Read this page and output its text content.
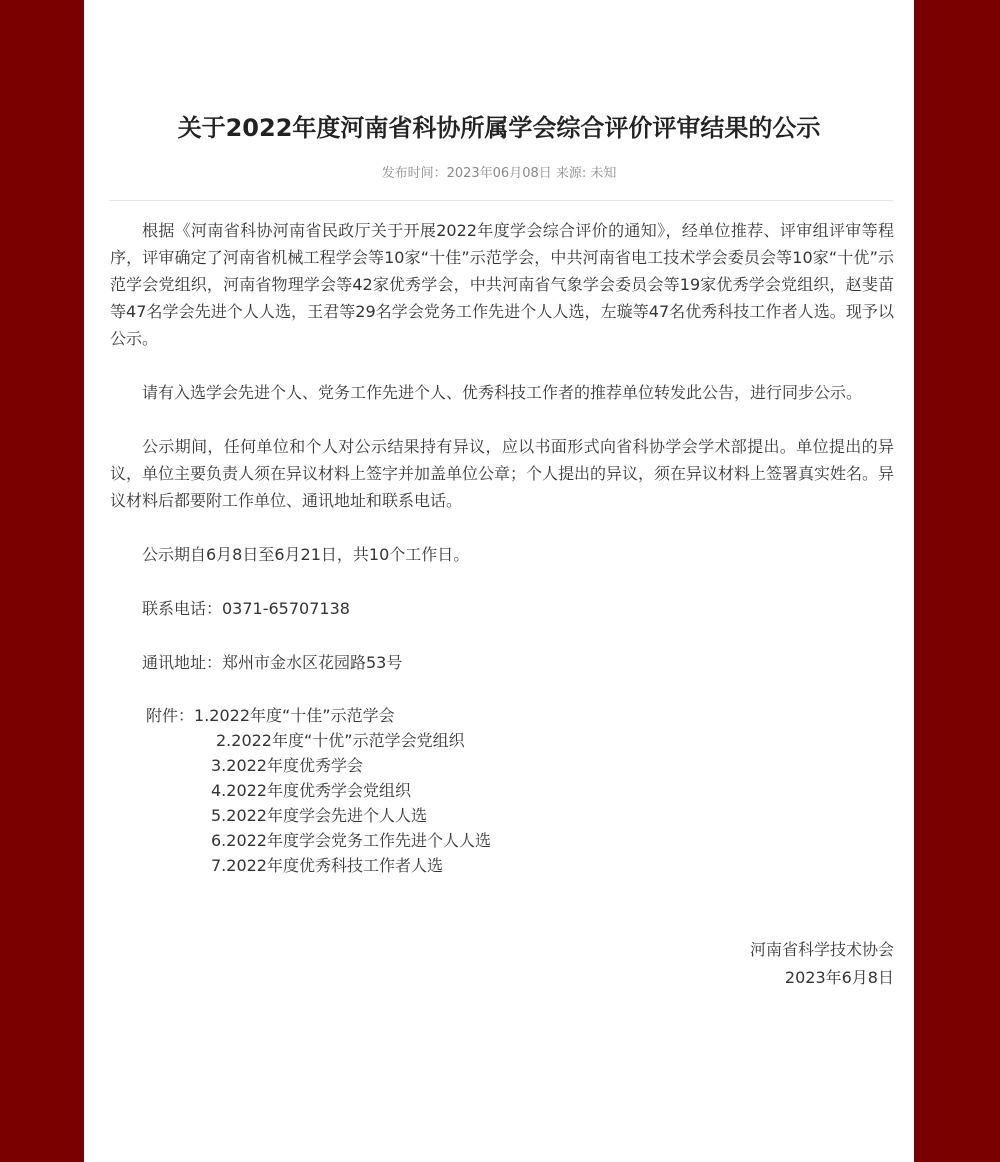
关于2022年度河南省科协所属学会综合评价评审结果的公示
发布时间：2023年06月08日 来源: 未知

根据《河南省科协河南省民政厅关于开展2022年度学会综合评价的通知》，经单位推荐、评审组评审等程序，评审确定了河南省机械工程学会等10家“十佳”示范学会，中共河南省电工技术学会委员会等10家“十优”示范学会党组织，河南省物理学会等42家优秀学会，中共河南省气象学会委员会等19家优秀学会党组织，赵斐苗等47名学会先进个人人选，王君等29名学会党务工作先进个人人选，左璇等47名优秀科技工作者人选。现予以公示。

请有入选学会先进个人、党务工作先进个人、优秀科技工作者的推荐单位转发此公告，进行同步公示。

公示期间，任何单位和个人对公示结果持有异议，应以书面形式向省科协学会学术部提出。单位提出的异议，单位主要负责人须在异议材料上签字并加盖单位公章；个人提出的异议，须在异议材料上签署真实姓名。异议材料后都要附工作单位、通讯地址和联系电话。

公示期自6月8日至6月21日，共10个工作日。

联系电话：0371-65707138

通讯地址：郑州市金水区花园路53号

附件：1.2022年度“十佳”示范学会
2.2022年度“十优”示范学会党组织
3.2022年度优秀学会
4.2022年度优秀学会党组织
5.2022年度学会先进个人人选
6.2022年度学会党务工作先进个人人选
7.2022年度优秀科技工作者人选
河南省科学技术协会
2023年6月8日
